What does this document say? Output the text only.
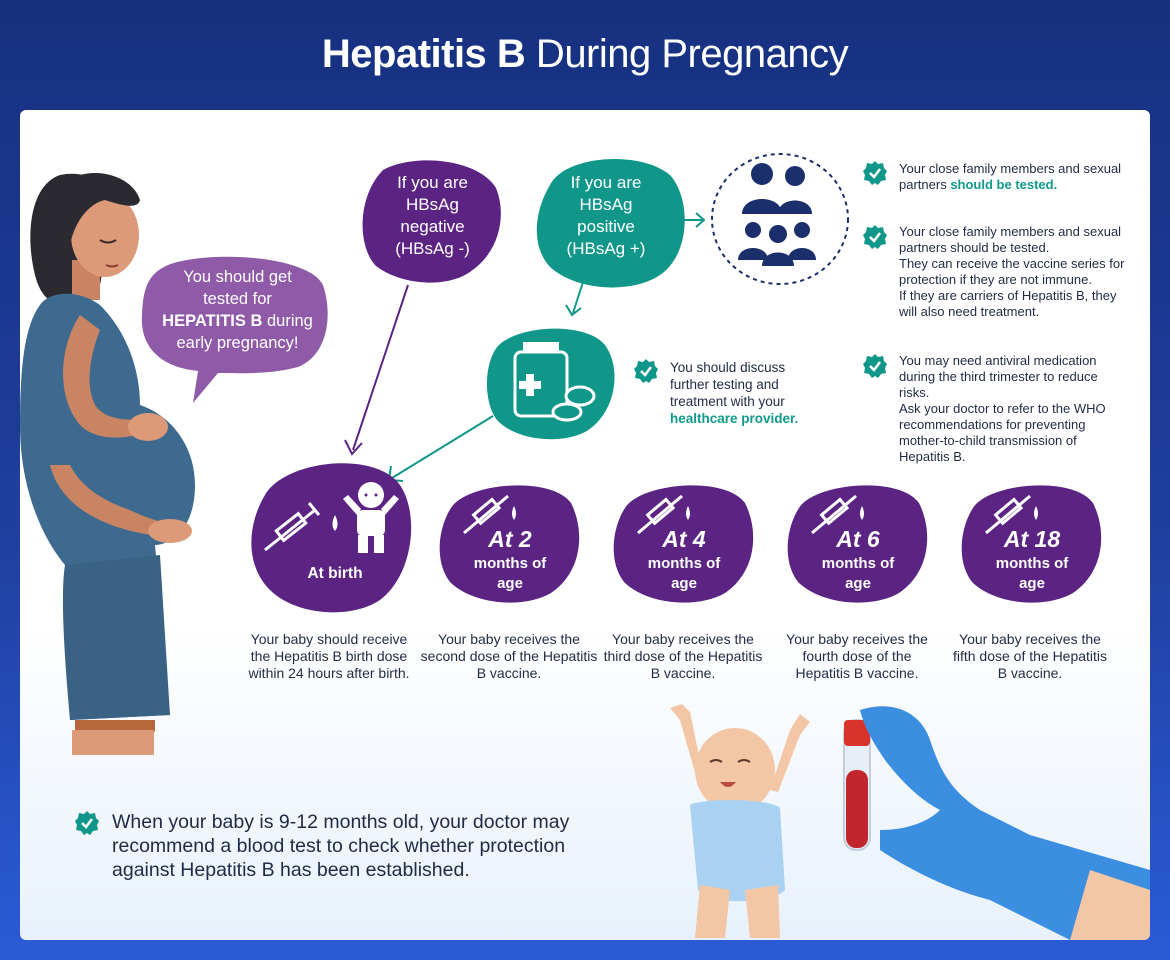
Hepatitis B During Pregnancy
You should get
tested for
HEPATITIS B during
early pregnancy!
If you are
HBsAg
negative
(HBsAg -)
If you are
HBsAg
positive
(HBsAg +)
Your close family members and sexual partners should be tested.
Your close family members and sexual partners should be tested.
They can receive the vaccine series for protection if they are not immune.
If they are carriers of Hepatitis B, they will also need treatment.
You should discuss further testing and treatment with your healthcare provider.
You may need antiviral medication during the third trimester to reduce risks.
Ask your doctor to refer to the WHO recommendations for preventing mother-to-child transmission of Hepatitis B.
At birth
At 2
months of age
At 4
months of age
At 6
months of age
At 18
months of age
Your baby should receive the Hepatitis B birth dose within 24 hours after birth.
Your baby receives the second dose of the Hepatitis B vaccine.
Your baby receives the third dose of the Hepatitis B vaccine.
Your baby receives the fourth dose of the Hepatitis B vaccine.
Your baby receives the fifth dose of the Hepatitis B vaccine.
When your baby is 9-12 months old, your doctor may recommend a blood test to check whether protection against Hepatitis B has been established.
